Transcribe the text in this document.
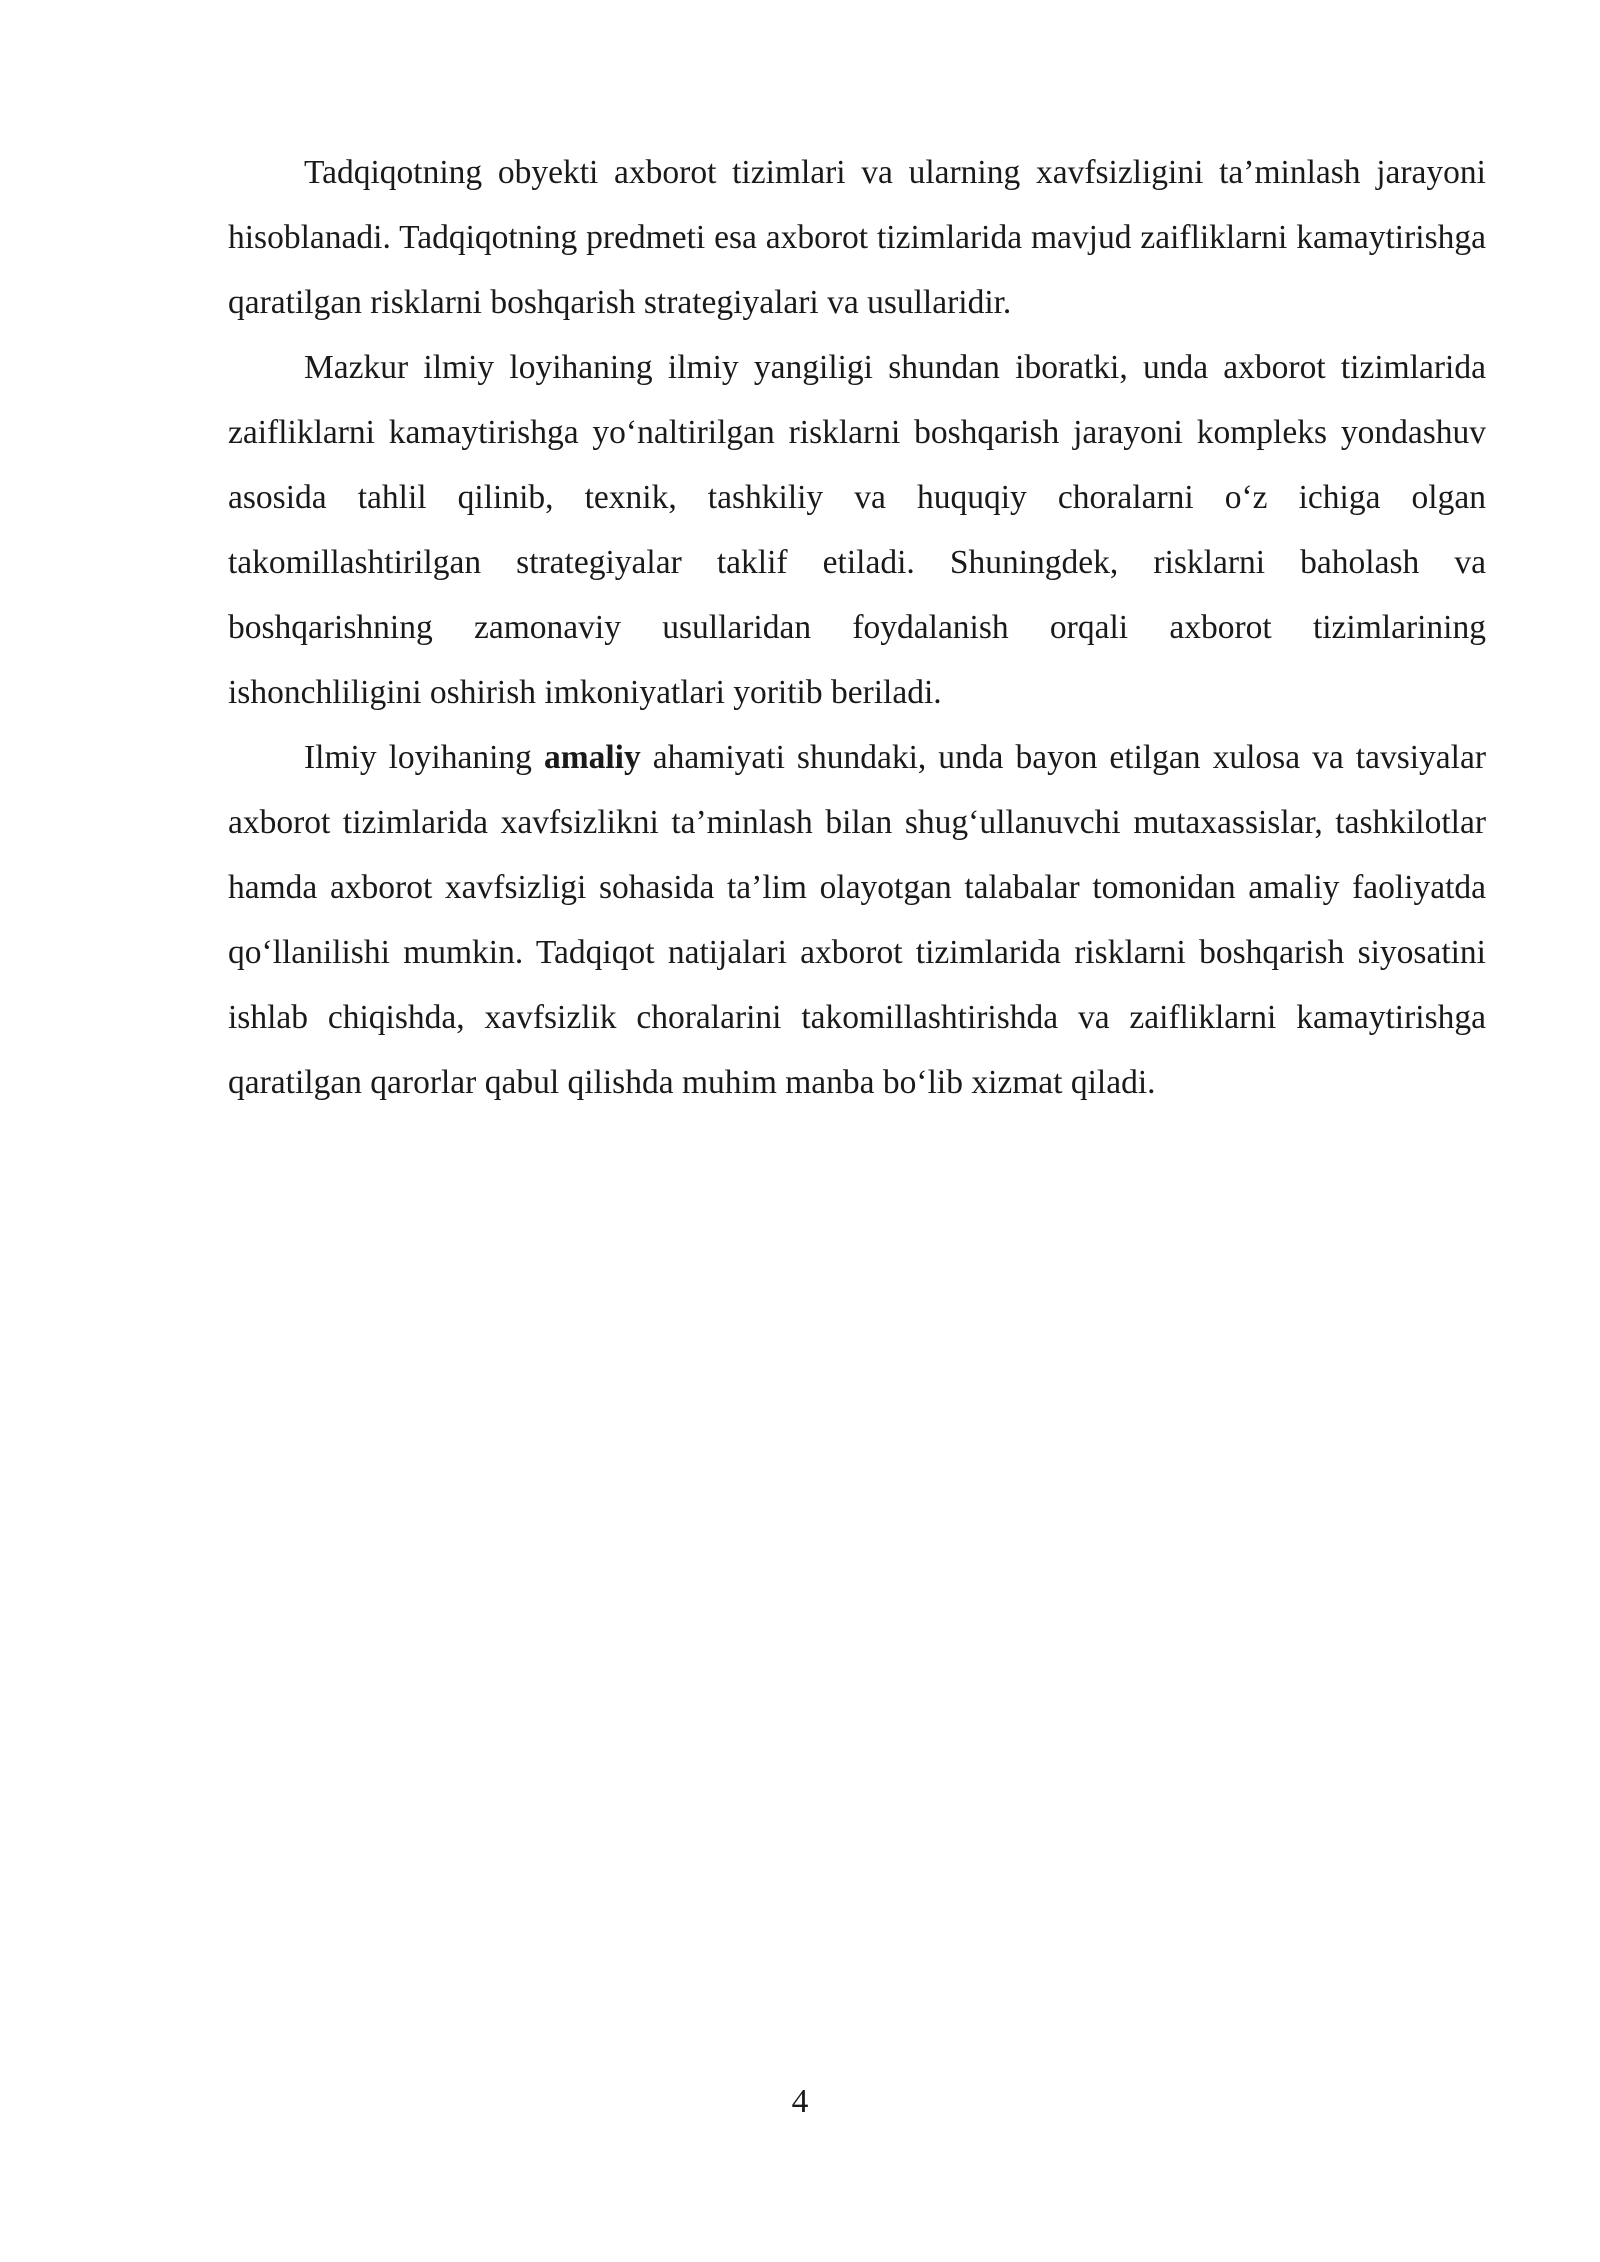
Tadqiqotning obyekti axborot tizimlari va ularning xavfsizligini ta’minlash jarayoni hisoblanadi. Tadqiqotning predmeti esa axborot tizimlarida mavjud zaifliklarni kamaytirishga qaratilgan risklarni boshqarish strategiyalari va usullaridir.

Mazkur ilmiy loyihaning ilmiy yangiligi shundan iboratki, unda axborot tizimlarida zaifliklarni kamaytirishga yo‘naltirilgan risklarni boshqarish jarayoni kompleks yondashuv asosida tahlil qilinib, texnik, tashkiliy va huquqiy choralarni o‘z ichiga olgan takomillashtirilgan strategiyalar taklif etiladi. Shuningdek, risklarni baholash va boshqarishning zamonaviy usullaridan foydalanish orqali axborot tizimlarining ishonchliligini oshirish imkoniyatlari yoritib beriladi.

Ilmiy loyihaning amaliy ahamiyati shundaki, unda bayon etilgan xulosa va tavsiyalar axborot tizimlarida xavfsizlikni ta’minlash bilan shug‘ullanuvchi mutaxassislar, tashkilotlar hamda axborot xavfsizligi sohasida ta’lim olayotgan talabalar tomonidan amaliy faoliyatda qo‘llanilishi mumkin. Tadqiqot natijalari axborot tizimlarida risklarni boshqarish siyosatini ishlab chiqishda, xavfsizlik choralarini takomillashtirishda va zaifliklarni kamaytirishga qaratilgan qarorlar qabul qilishda muhim manba bo‘lib xizmat qiladi.

4
